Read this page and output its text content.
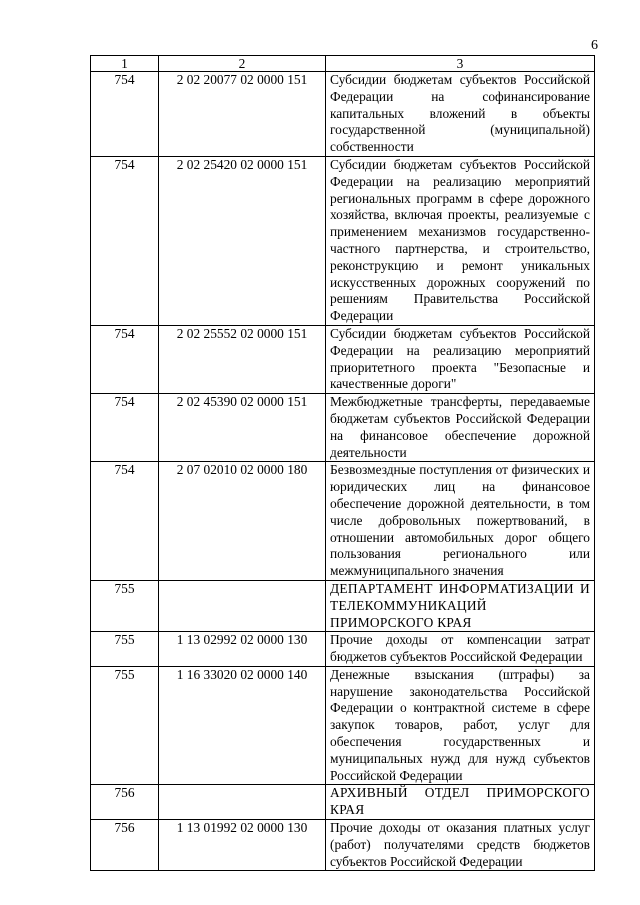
6
1	2	3
754	2 02 20077 02 0000 151	Субсидии бюджетам субъектов Российской Федерации на софинансирование капитальных вложений в объекты государственной (муниципальной) собственности
754	2 02 25420 02 0000 151	Субсидии бюджетам субъектов Российской Федерации на реализацию мероприятий региональных программ в сфере дорожного хозяйства, включая проекты, реализуемые с применением механизмов государственно-частного партнерства, и строительство, реконструкцию и ремонт уникальных искусственных дорожных сооружений по решениям Правительства Российской Федерации
754	2 02 25552 02 0000 151	Субсидии бюджетам субъектов Российской Федерации на реализацию мероприятий приоритетного проекта "Безопасные и качественные дороги"
754	2 02 45390 02 0000 151	Межбюджетные трансферты, передаваемые бюджетам субъектов Российской Федерации на финансовое обеспечение дорожной деятельности
754	2 07 02010 02 0000 180	Безвозмездные поступления от физических и юридических лиц на финансовое обеспечение дорожной деятельности, в том числе добровольных пожертвований, в отношении автомобильных дорог общего пользования регионального или межмуниципального значения
755		ДЕПАРТАМЕНТ ИНФОРМАТИЗАЦИИ И ТЕЛЕКОММУНИКАЦИЙ ПРИМОРСКОГО КРАЯ
755	1 13 02992 02 0000 130	Прочие доходы от компенсации затрат бюджетов субъектов Российской Федерации
755	1 16 33020 02 0000 140	Денежные взыскания (штрафы) за нарушение законодательства Российской Федерации о контрактной системе в сфере закупок товаров, работ, услуг для обеспечения государственных и муниципальных нужд для нужд субъектов Российской Федерации
756		АРХИВНЫЙ ОТДЕЛ ПРИМОРСКОГО КРАЯ
756	1 13 01992 02 0000 130	Прочие доходы от оказания платных услуг (работ) получателями средств бюджетов субъектов Российской Федерации
